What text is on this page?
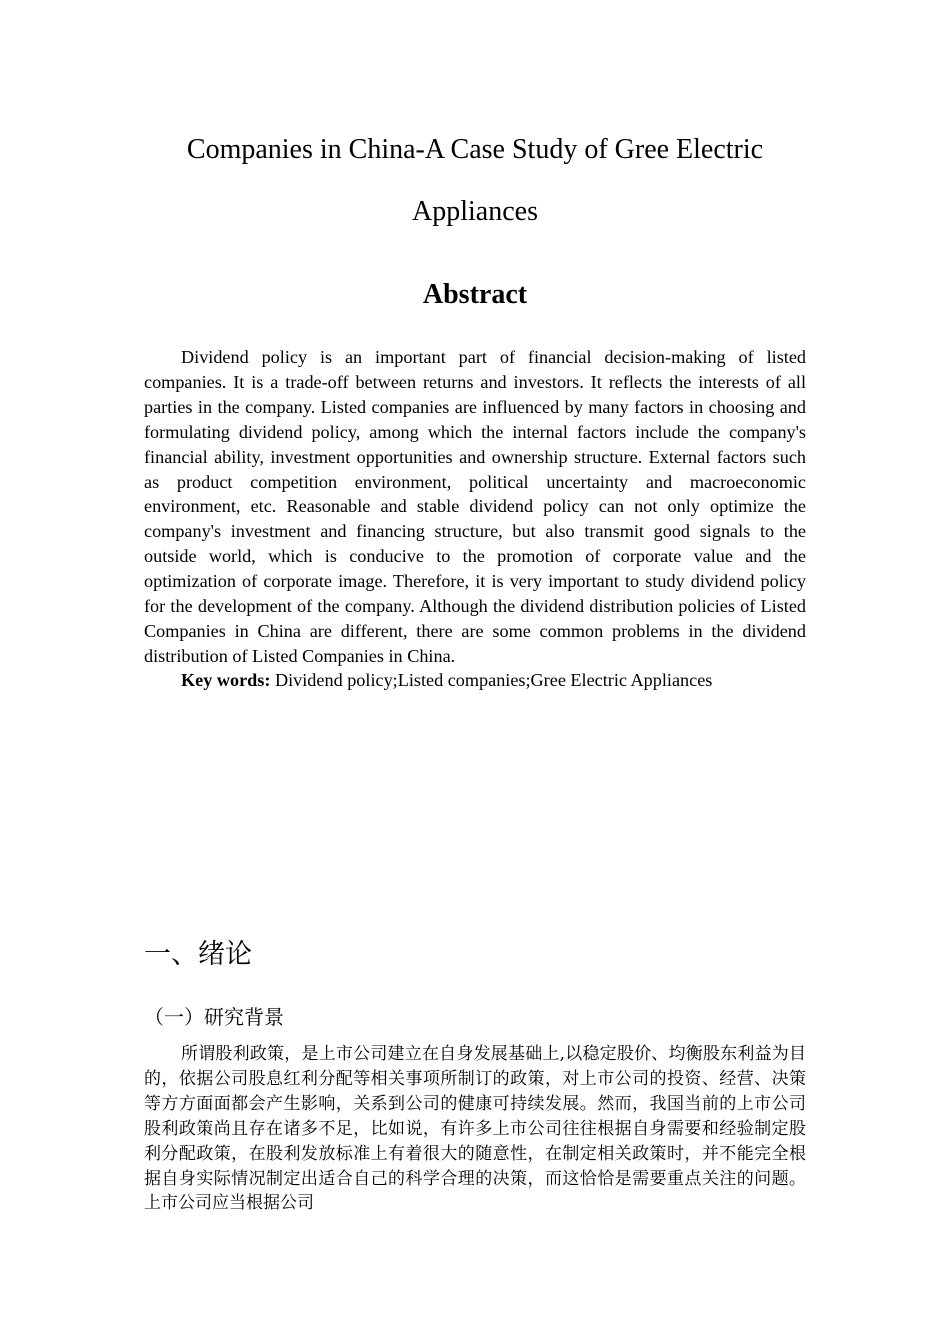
Companies in China-A Case Study of Gree Electric
Appliances
Abstract

Dividend policy is an important part of financial decision-making of listed companies. It is a trade-off between returns and investors. It reflects the interests of all parties in the company. Listed companies are influenced by many factors in choosing and formulating dividend policy, among which the internal factors include the company's financial ability, investment opportunities and ownership structure. External factors such as product competition environment, political uncertainty and macroeconomic environment, etc. Reasonable and stable dividend policy can not only optimize the company's investment and financing structure, but also transmit good signals to the outside world, which is conducive to the promotion of corporate value and the optimization of corporate image. Therefore, it is very important to study dividend policy for the development of the company. Although the dividend distribution policies of Listed Companies in China are different, there are some common problems in the dividend distribution of Listed Companies in China.

Key words: Dividend policy;Listed companies;Gree Electric Appliances

一、绪论
（一）研究背景

所谓股利政策，是上市公司建立在自身发展基础上,以稳定股价、均衡股东利益为目的，依据公司股息红利分配等相关事项所制订的政策，对上市公司的投资、经营、决策等方方面面都会产生影响，关系到公司的健康可持续发展。然而，我国当前的上市公司股利政策尚且存在诸多不足，比如说，有许多上市公司往往根据自身需要和经验制定股利分配政策，在股利发放标准上有着很大的随意性，在制定相关政策时，并不能完全根据自身实际情况制定出适合自己的科学合理的决策，而这恰恰是需要重点关注的问题。上市公司应当根据公司
